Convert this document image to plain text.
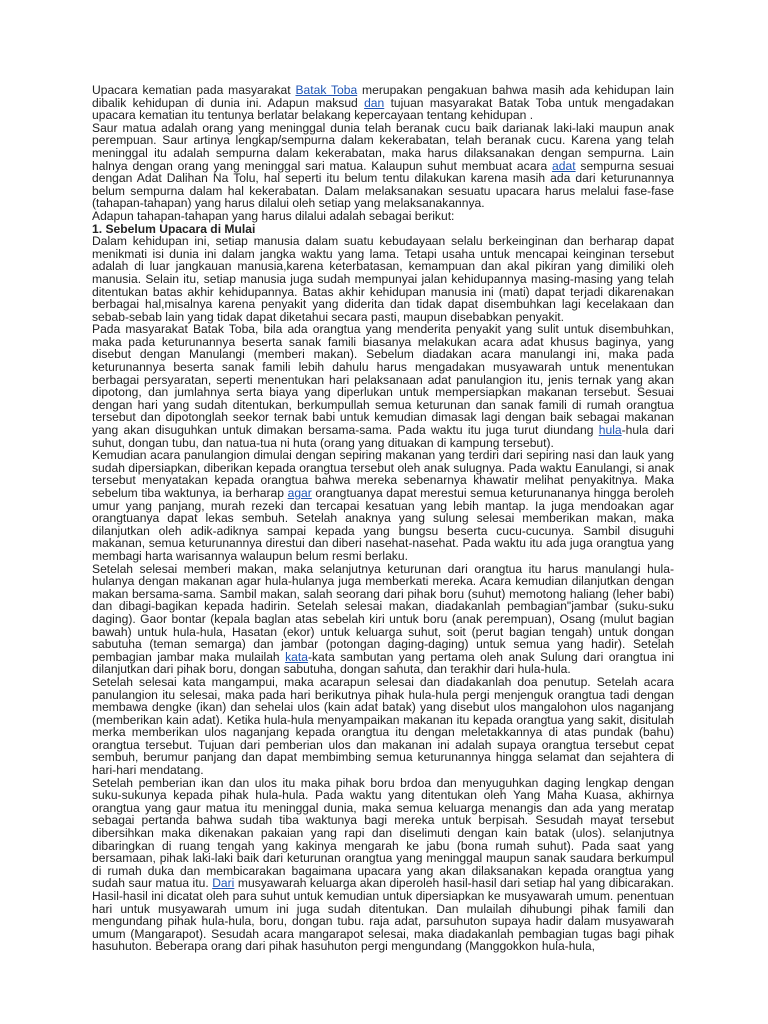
Upacara kematian pada masyarakat Batak Toba merupakan pengakuan bahwa masih ada kehidupan lain dibalik kehidupan di dunia ini. Adapun maksud dan tujuan masyarakat Batak Toba untuk mengadakan upacara kematian itu tentunya berlatar belakang kepercayaan tentang kehidupan .

Saur matua adalah orang yang meninggal dunia telah beranak cucu baik darianak laki-laki maupun anak perempuan. Saur artinya lengkap/sempurna dalam kekerabatan, telah beranak cucu. Karena yang telah meninggal itu adalah sempurna dalam kekerabatan, maka harus dilaksanakan dengan sempurna. Lain halnya dengan orang yang meninggal sari matua. Kalaupun suhut membuat acara adat sempurna sesuai dengan Adat Dalihan Na Tolu, hal seperti itu belum tentu dilakukan karena masih ada dari keturunannya belum sempurna dalam hal kekerabatan. Dalam melaksanakan sesuatu upacara harus melalui fase-fase (tahapan-tahapan) yang harus dilalui oleh setiap yang melaksanakannya.

Adapun tahapan-tahapan yang harus dilalui adalah sebagai berikut:

1. Sebelum Upacara di Mulai

Dalam kehidupan ini, setiap manusia dalam suatu kebudayaan selalu berkeinginan dan berharap dapat menikmati isi dunia ini dalam jangka waktu yang lama. Tetapi usaha untuk mencapai keinginan tersebut adalah di luar jangkauan manusia,karena keterbatasan, kemampuan dan akal pikiran yang dimiliki oleh manusia. Selain itu, setiap manusia juga sudah mempunyai jalan kehidupannya masing-masing yang telah ditentukan batas akhir kehidupannya. Batas akhir kehidupan manusia ini (mati) dapat terjadi dikarenakan berbagai hal,misalnya karena penyakit yang diderita dan tidak dapat disembuhkan lagi kecelakaan dan sebab-sebab lain yang tidak dapat diketahui secara pasti, maupun disebabkan penyakit.

Pada masyarakat Batak Toba, bila ada orangtua yang menderita penyakit yang sulit untuk disembuhkan, maka pada keturunannya beserta sanak famili biasanya melakukan acara adat khusus baginya, yang disebut dengan Manulangi (memberi makan). Sebelum diadakan acara manulangi ini, maka pada keturunannya beserta sanak famili lebih dahulu harus mengadakan musyawarah untuk menentukan berbagai persyaratan, seperti menentukan hari pelaksanaan adat panulangion itu, jenis ternak yang akan dipotong, dan jumlahnya serta biaya yang diperlukan untuk mempersiapkan makanan tersebut. Sesuai dengan hari yang sudah ditentukan, berkumpullah semua keturunan dan sanak famili di rumah orangtua tersebut dan dipotonglah seekor ternak babi untuk kemudian dimasak lagi dengan baik sebagai makanan yang akan disuguhkan untuk dimakan bersama-sama. Pada waktu itu juga turut diundang hula-hula dari suhut, dongan tubu, dan natua-tua ni huta (orang yang dituakan di kampung tersebut).

Kemudian acara panulangion dimulai dengan sepiring makanan yang terdiri dari sepiring nasi dan lauk yang sudah dipersiapkan, diberikan kepada orangtua tersebut oleh anak sulugnya. Pada waktu Eanulangi, si anak tersebut menyatakan kepada orangtua bahwa mereka sebenarnya khawatir melihat penyakitnya. Maka sebelum tiba waktunya, ia berharap agar orangtuanya dapat merestui semua keturunananya hingga beroleh umur yang panjang, murah rezeki dan tercapai kesatuan yang lebih mantap. Ia juga mendoakan agar orangtuanya dapat lekas sembuh. Setelah anaknya yang sulung selesai memberikan makan, maka dilanjutkan oleh adik-adiknya sampai kepada yang bungsu beserta cucu-cucunya. Sambil disuguhi makanan, semua keturunannya direstui dan diberi nasehat-nasehat. Pada waktu itu ada juga orangtua yang membagi harta warisannya walaupun belum resmi berlaku.

Setelah selesai memberi makan, maka selanjutnya keturunan dari orangtua itu harus manulangi hula-hulanya dengan makanan agar hula-hulanya juga memberkati mereka. Acara kemudian dilanjutkan dengan makan bersama-sama. Sambil makan, salah seorang dari pihak boru (suhut) memotong haliang (leher babi) dan dibagi-bagikan kepada hadirin. Setelah selesai makan, diadakanlah pembagian"jambar (suku-suku daging). Gaor bontar (kepala baglan atas sebelah kiri untuk boru (anak perempuan), Osang (mulut bagian bawah) untuk hula-hula, Hasatan (ekor) untuk keluarga suhut, soit (perut bagian tengah) untuk dongan sabutuha (teman semarga) dan jambar (potongan daging-daging) untuk semua yang hadir). Setelah pembagian jambar maka mulailah kata-kata sambutan yang pertama oleh anak Sulung dari orangtua ini dilanjutkan dari pihak boru, dongan sabutuha, dongan sahuta, dan terakhir dari hula-hula.

Setelah selesai kata mangampui, maka acarapun selesai dan diadakanlah doa penutup. Setelah acara panulangion itu selesai, maka pada hari berikutnya pihak hula-hula pergi menjenguk orangtua tadi dengan membawa dengke (ikan) dan sehelai ulos (kain adat batak) yang disebut ulos mangalohon ulos naganjang (memberikan kain adat). Ketika hula-hula menyampaikan makanan itu kepada orangtua yang sakit, disitulah merka memberikan ulos naganjang kepada orangtua itu dengan meletakkannya di atas pundak (bahu) orangtua tersebut. Tujuan dari pemberian ulos dan makanan ini adalah supaya orangtua tersebut cepat sembuh, berumur panjang dan dapat membimbing semua keturunannya hingga selamat dan sejahtera di hari-hari mendatang.

Setelah pemberian ikan dan ulos itu maka pihak boru brdoa dan menyuguhkan daging lengkap dengan suku-sukunya kepada pihak hula-hula. Pada waktu yang ditentukan oleh Yang Maha Kuasa, akhirnya orangtua yang gaur matua itu meninggal dunia, maka semua keluarga menangis dan ada yang meratap sebagai pertanda bahwa sudah tiba waktunya bagi mereka untuk berpisah. Sesudah mayat tersebut dibersihkan maka dikenakan pakaian yang rapi dan diselimuti dengan kain batak (ulos). selanjutnya dibaringkan di ruang tengah yang kakinya mengarah ke jabu (bona rumah suhut). Pada saat yang bersamaan, pihak laki-laki baik dari keturunan orangtua yang meninggal maupun sanak saudara berkumpul di rumah duka dan membicarakan bagaimana upacara yang akan dilaksanakan kepada orangtua yang sudah saur matua itu. Dari musyawarah keluarga akan diperoleh hasil-hasil dari setiap hal yang dibicarakan. Hasil-hasil ini dicatat oleh para suhut untuk kemudian untuk dipersiapkan ke musyawarah umum. penentuan hari untuk musyawarah umum ini juga sudah ditentukan. Dan mulailah dihubungi pihak famili dan mengundang pihak hula-hula, boru, dongan tubu. raja adat, parsuhuton supaya hadir dalam musyawarah umum (Mangarapot). Sesudah acara mangarapot selesai, maka diadakanlah pembagian tugas bagi pihak hasuhuton. Beberapa orang dari pihak hasuhuton pergi mengundang (Manggokkon hula-hula,
